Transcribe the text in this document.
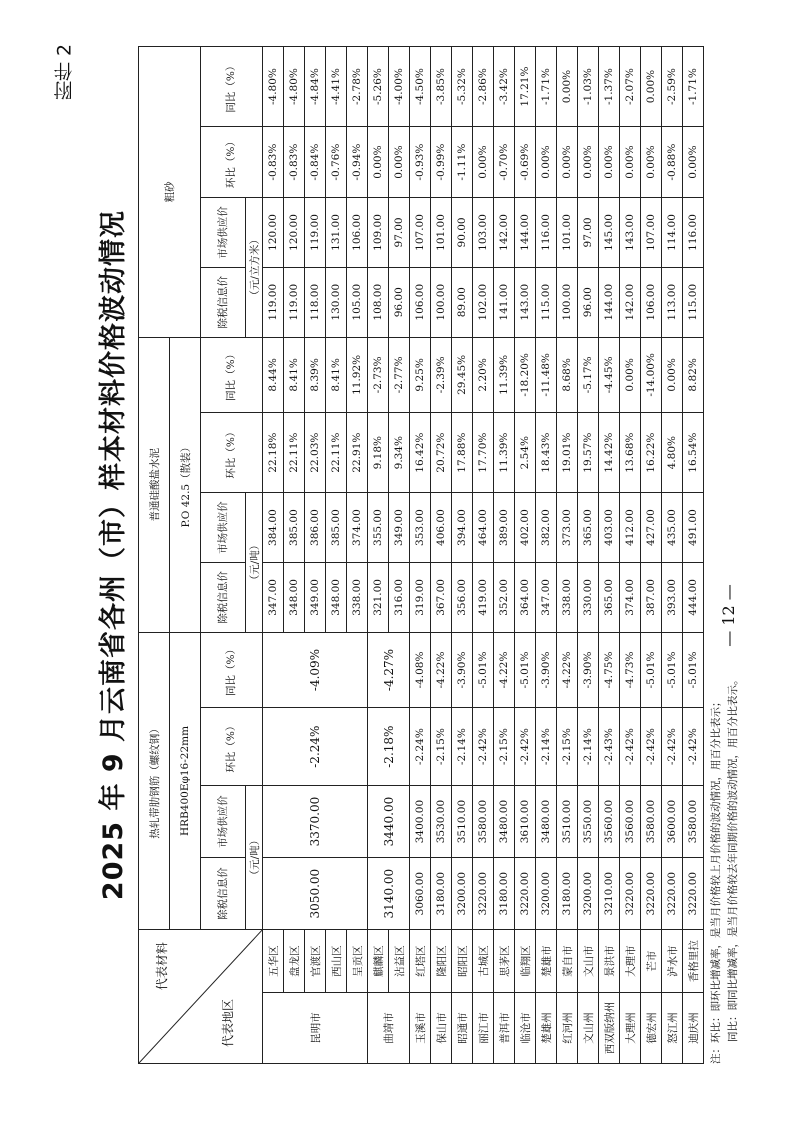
附件 2
2025 年 9 月云南省各州（市）样本材料价格波动情况
代表材料
代表地区		热轧带肋钢筋（螺纹钢）				普通硅酸盐水泥				粗砂			
		HRB400Eφ16-22mm				P.O 42.5（散装）							
		除税信息价	市场供应价	环比（%）	同比（%）	除税信息价	市场供应价	环比（%）	同比（%）	除税信息价	市场供应价	环比（%）	同比（%）
		（元/吨）				（元/吨）				（元/立方米）			
昆明市	五华区	3050.00	3370.00	-2.24%	-4.09%	347.00	384.00	22.18%	8.44%	119.00	120.00	-0.83%	-4.80%
	盘龙区					348.00	385.00	22.11%	8.41%	119.00	120.00	-0.83%	-4.80%
	官渡区					349.00	386.00	22.03%	8.39%	118.00	119.00	-0.84%	-4.84%
	西山区					348.00	385.00	22.11%	8.41%	130.00	131.00	-0.76%	-4.41%
	呈贡区					338.00	374.00	22.91%	11.92%	105.00	106.00	-0.94%	-2.78%
曲靖市	麒麟区	3140.00	3440.00	-2.18%	-4.27%	321.00	355.00	9.18%	-2.73%	108.00	109.00	0.00%	-5.26%
	沾益区					316.00	349.00	9.34%	-2.77%	96.00	97.00	0.00%	-4.00%
玉溪市	红塔区	3060.00	3400.00	-2.24%	-4.08%	319.00	353.00	16.42%	9.25%	106.00	107.00	-0.93%	-4.50%
保山市	隆阳区	3180.00	3530.00	-2.15%	-4.22%	367.00	406.00	20.72%	-2.39%	100.00	101.00	-0.99%	-3.85%
昭通市	昭阳区	3200.00	3510.00	-2.14%	-3.90%	356.00	394.00	17.88%	29.45%	89.00	90.00	-1.11%	-5.32%
丽江市	古城区	3220.00	3580.00	-2.42%	-5.01%	419.00	464.00	17.70%	2.20%	102.00	103.00	0.00%	-2.86%
普洱市	思茅区	3180.00	3480.00	-2.15%	-4.22%	352.00	389.00	11.39%	11.39%	141.00	142.00	-0.70%	-3.42%
临沧市	临翔区	3220.00	3610.00	-2.42%	-5.01%	364.00	402.00	2.54%	-18.20%	143.00	144.00	-0.69%	17.21%
楚雄州	楚雄市	3200.00	3480.00	-2.14%	-3.90%	347.00	382.00	18.43%	-11.48%	115.00	116.00	0.00%	-1.71%
红河州	蒙自市	3180.00	3510.00	-2.15%	-4.22%	338.00	373.00	19.01%	8.68%	100.00	101.00	0.00%	0.00%
文山州	文山市	3200.00	3550.00	-2.14%	-3.90%	330.00	365.00	19.57%	-5.17%	96.00	97.00	0.00%	-1.03%
西双版纳州	景洪市	3210.00	3560.00	-2.43%	-4.75%	365.00	403.00	14.42%	-4.45%	144.00	145.00	0.00%	-1.37%
大理州	大理市	3220.00	3560.00	-2.42%	-4.73%	374.00	412.00	13.68%	0.00%	142.00	143.00	0.00%	-2.07%
德宏州	芒市	3220.00	3580.00	-2.42%	-5.01%	387.00	427.00	16.22%	-14.00%	106.00	107.00	0.00%	0.00%
怒江州	泸水市	3220.00	3600.00	-2.42%	-5.01%	393.00	435.00	4.80%	0.00%	113.00	114.00	-0.88%	-2.59%
迪庆州	香格里拉	3220.00	3580.00	-2.42%	-5.01%	444.00	491.00	16.54%	8.82%	115.00	116.00	0.00%	-1.71%
注：环比：即环比增减率，是当月价格较上月价格的波动情况，用百分比表示； 同比：即同比增减率，是当月价格较去年同期价格的波动情况，用百分比表示。
— 12 —
